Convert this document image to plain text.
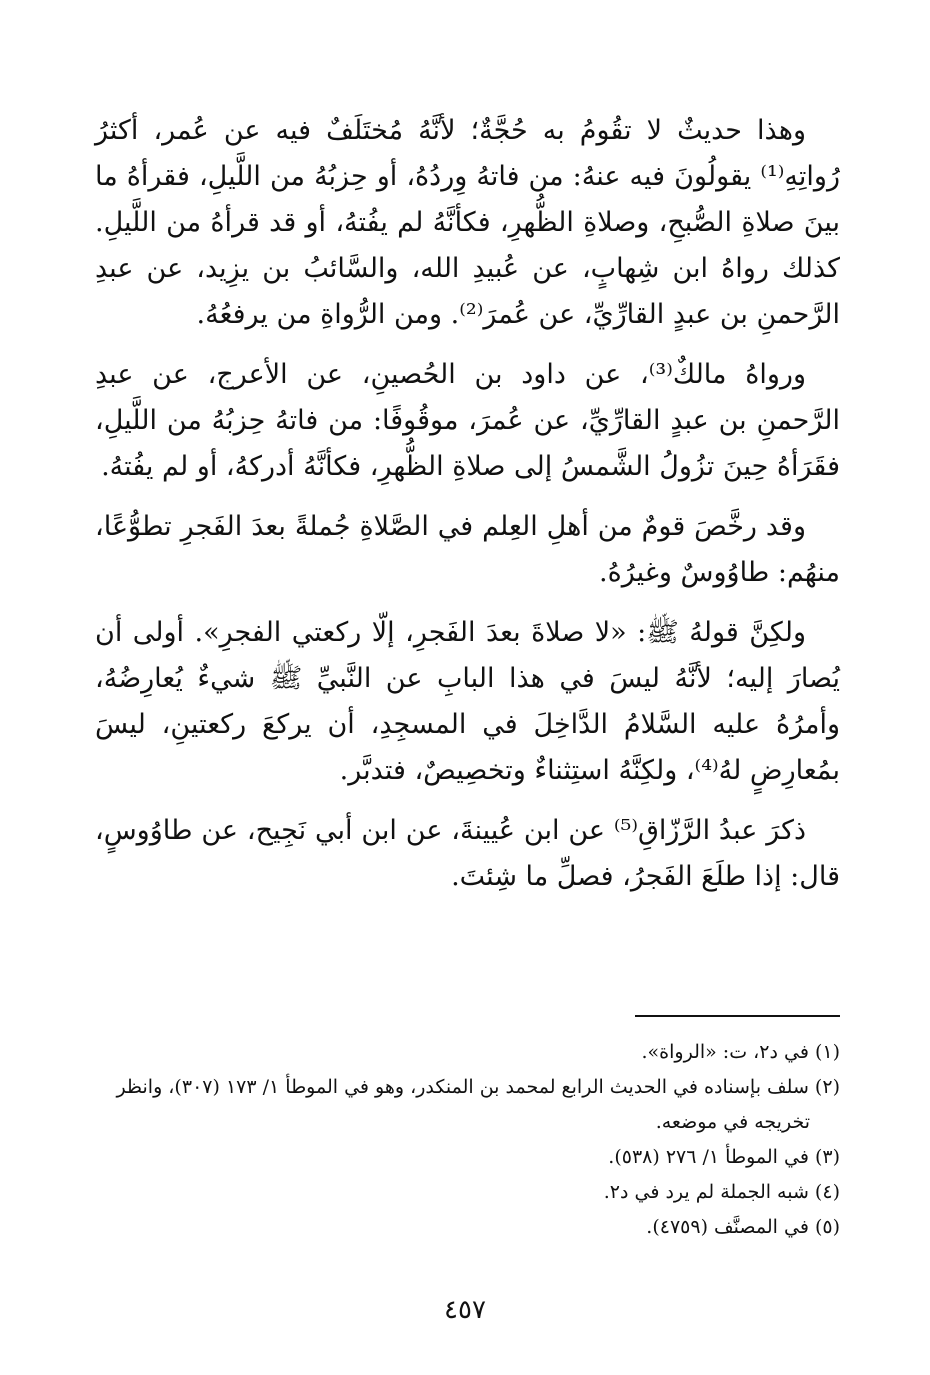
وهذا حديثٌ لا تقُومُ به حُجَّةٌ؛ لأنَّهُ مُختَلَفٌ فيه عن عُمر، أكثرُ رُواتِهِ⁽¹⁾ يقولُونَ فيه عنهُ: من فاتهُ وِردُهُ، أو حِزبُهُ من اللَّيلِ، فقرأهُ ما بينَ صلاةِ الصُّبحِ، وصلاةِ الظُّهرِ، فكأنَّهُ لم يفُتهُ، أو قد قرأهُ من اللَّيلِ. كذلك رواهُ ابن شِهابٍ، عن عُبيدِ الله، والسَّائبُ بن يزِيد، عن عبدِ الرَّحمنِ بن عبدٍ القارِّيِّ، عن عُمرَ⁽²⁾. ومن الرُّواةِ من يرفعُهُ.

ورواهُ مالكٌ⁽³⁾، عن داود بن الحُصينِ، عن الأعرج، عن عبدِ الرَّحمنِ بن عبدٍ القارِّيِّ، عن عُمرَ، موقُوفًا: من فاتهُ حِزبُهُ من اللَّيلِ، فقَرَأهُ حِينَ تزُولُ الشَّمسُ إلى صلاةِ الظُّهرِ، فكأنَّهُ أدركهُ، أو لم يفُتهُ.

وقد رخَّصَ قومٌ من أهلِ العِلم في الصَّلاةِ جُملةً بعدَ الفَجرِ تطوُّعًا، منهُم: طاوُوسٌ وغيرُهُ.

ولكِنَّ قولهُ ﷺ: «لا صلاةَ بعدَ الفَجرِ، إلّا ركعتي الفجرِ». أولى أن يُصارَ إليه؛ لأنَّهُ ليسَ في هذا البابِ عن النَّبيِّ ﷺ شيءٌ يُعارِضُهُ، وأمرُهُ عليه السَّلامُ الدَّاخِلَ في المسجِدِ، أن يركعَ ركعتينِ، ليسَ بمُعارِضٍ لهُ⁽⁴⁾، ولكِنَّهُ استِثناءٌ وتخصِيصٌ، فتدبَّر.

ذكرَ عبدُ الرَّزّاقِ⁽⁵⁾ عن ابن عُيينةَ، عن ابن أبي نَجِيح، عن طاوُوسٍ، قال: إذا طلَعَ الفَجرُ، فصلِّ ما شِئتَ.

(١) في د٢، ت: «الرواة».

(٢) سلف بإسناده في الحديث الرابع لمحمد بن المنكدر، وهو في الموطأ ١/ ١٧٣ (٣٠٧)، وانظر

تخريجه في موضعه.

(٣) في الموطأ ١/ ٢٧٦ (٥٣٨).

(٤) شبه الجملة لم يرد في د٢.

(٥) في المصنَّف (٤٧٥٩).

٤٥٧
